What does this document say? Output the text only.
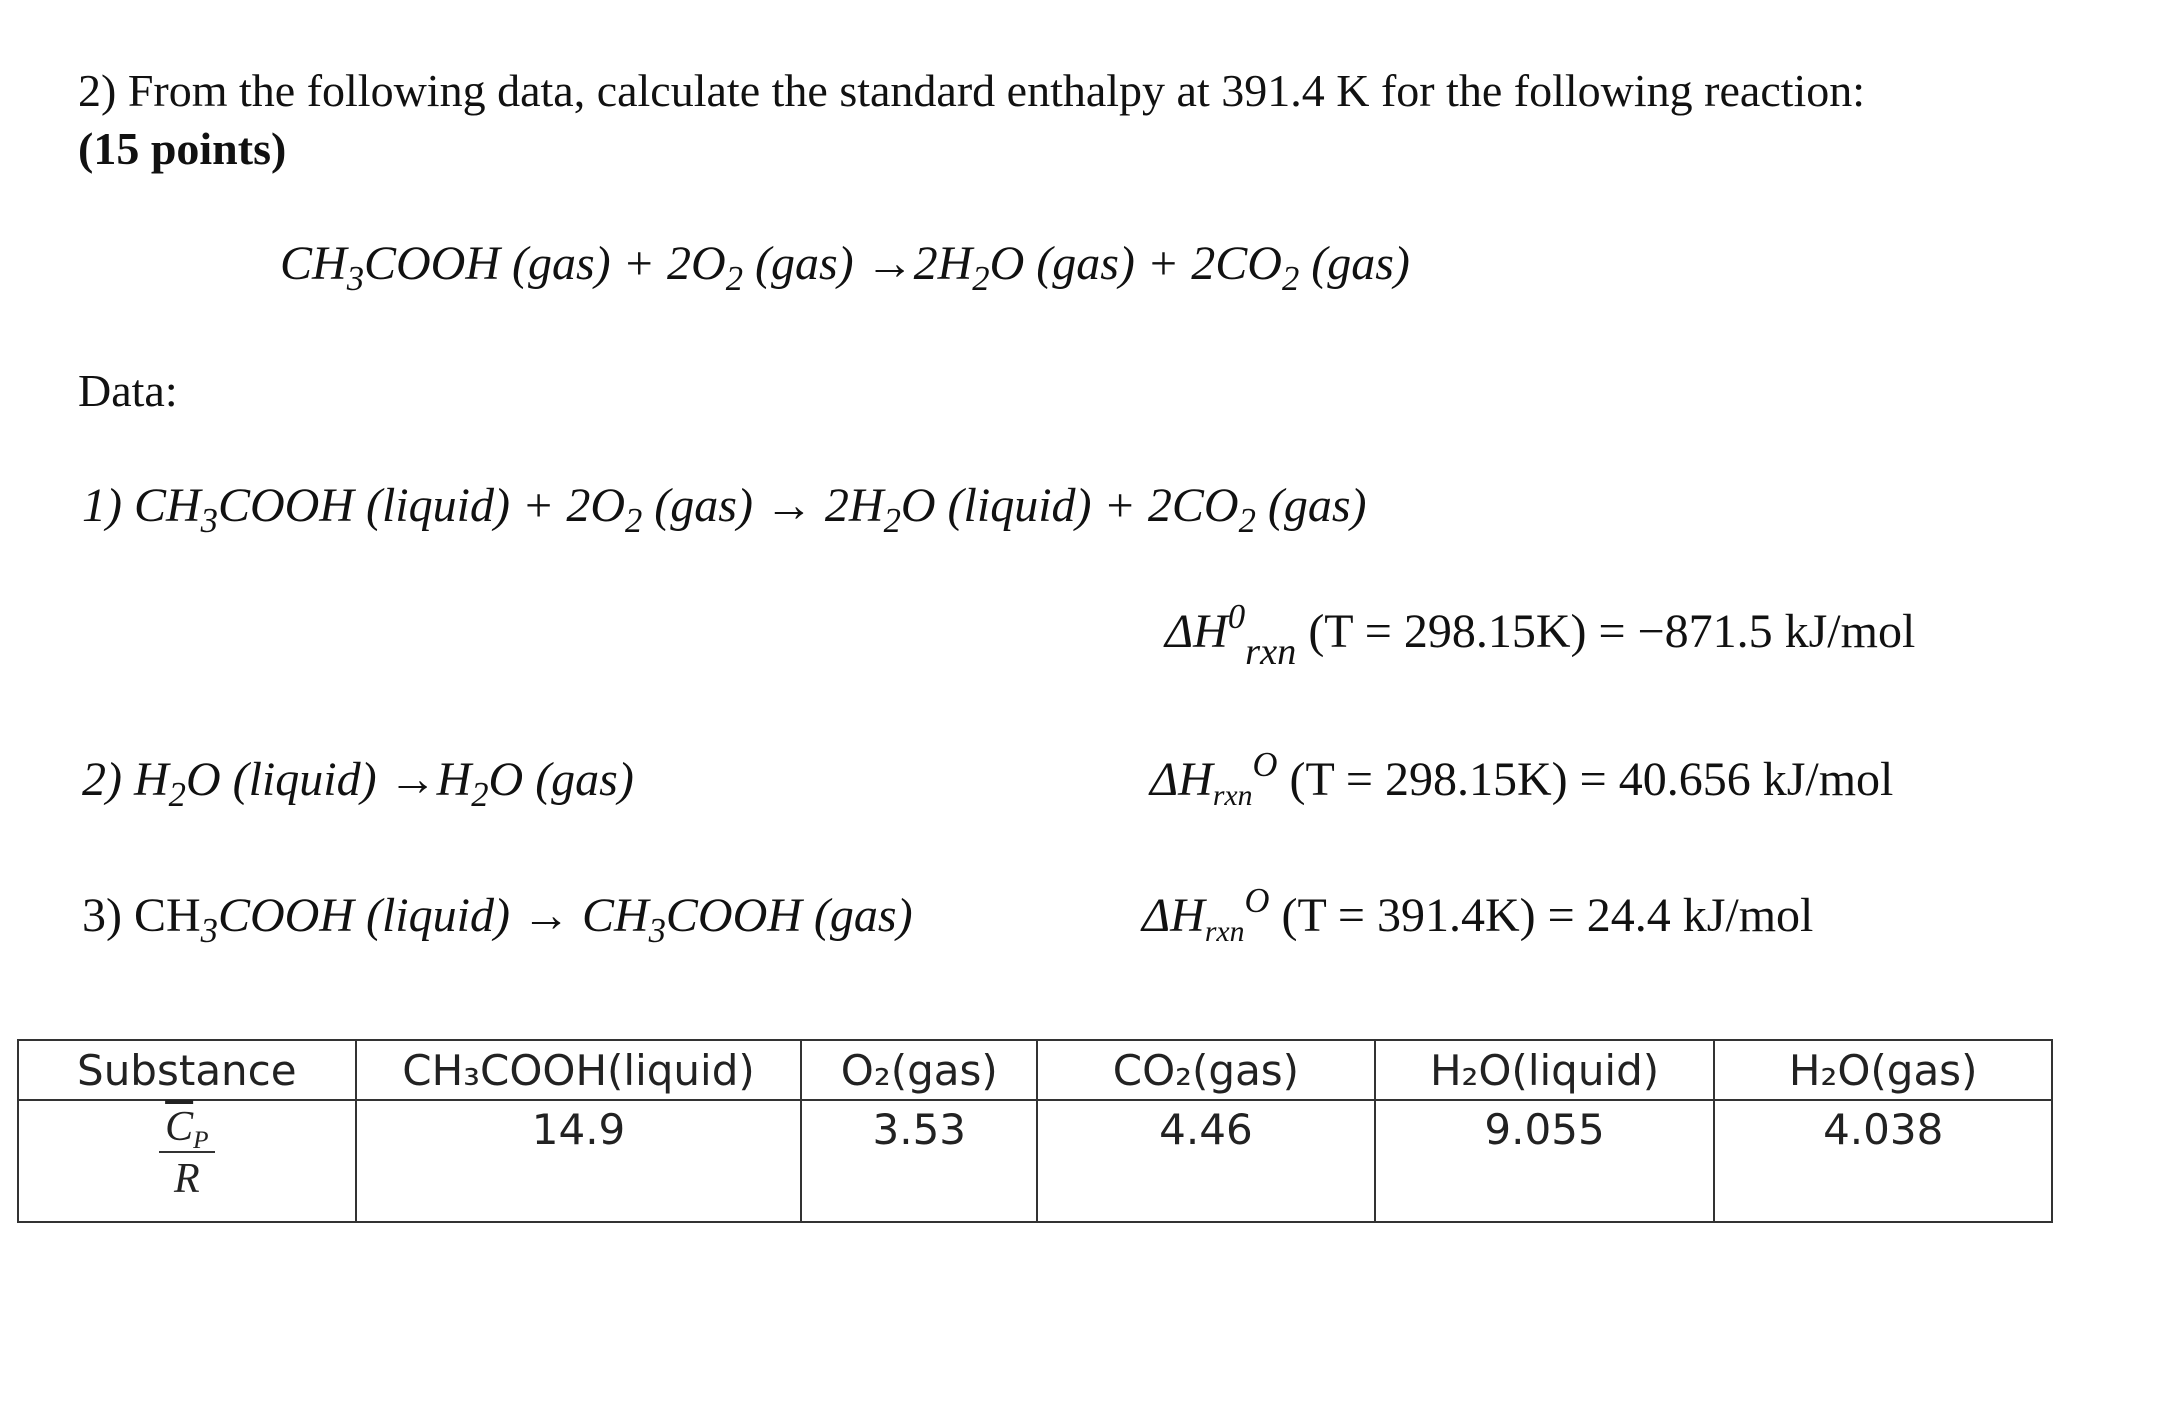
2) From the following data, calculate the standard enthalpy at 391.4 K for the following reaction:
(15 points)
$CH_3COOH$ $(gas) + 2O_2$ $(gas) \to 2H_2O$ $(gas) + 2CO_2$ (gas)
Data:
1) $CH_3COOH$ (liquid) + $2O_2$ $(gas) \to 2H_2O$ (liquid) + $2CO_2$ (gas)
$\Delta H^0_{rxn}$ (T = 298.15K) = −871.5 kJ/mol
2) $H_2O$ (liquid) $\to H_2O$ (gas)	ΔHrxn$^O$ (T = 298.15K) = 40.656 kJ/mol
3) $CH_3COOH$ (liquid) → $CH_3COOH$ (gas)	ΔHrxn$^O$ (T = 391.4K) = 24.4 kJ/mol
Substance	CH₃COOH(liquid)	O₂(gas)	CO₂(gas)	H₂O(liquid)	H₂O(gas)

$\frac{\overline{C}P}{R}$	14.9	3.53	4.46	9.055	4.038
